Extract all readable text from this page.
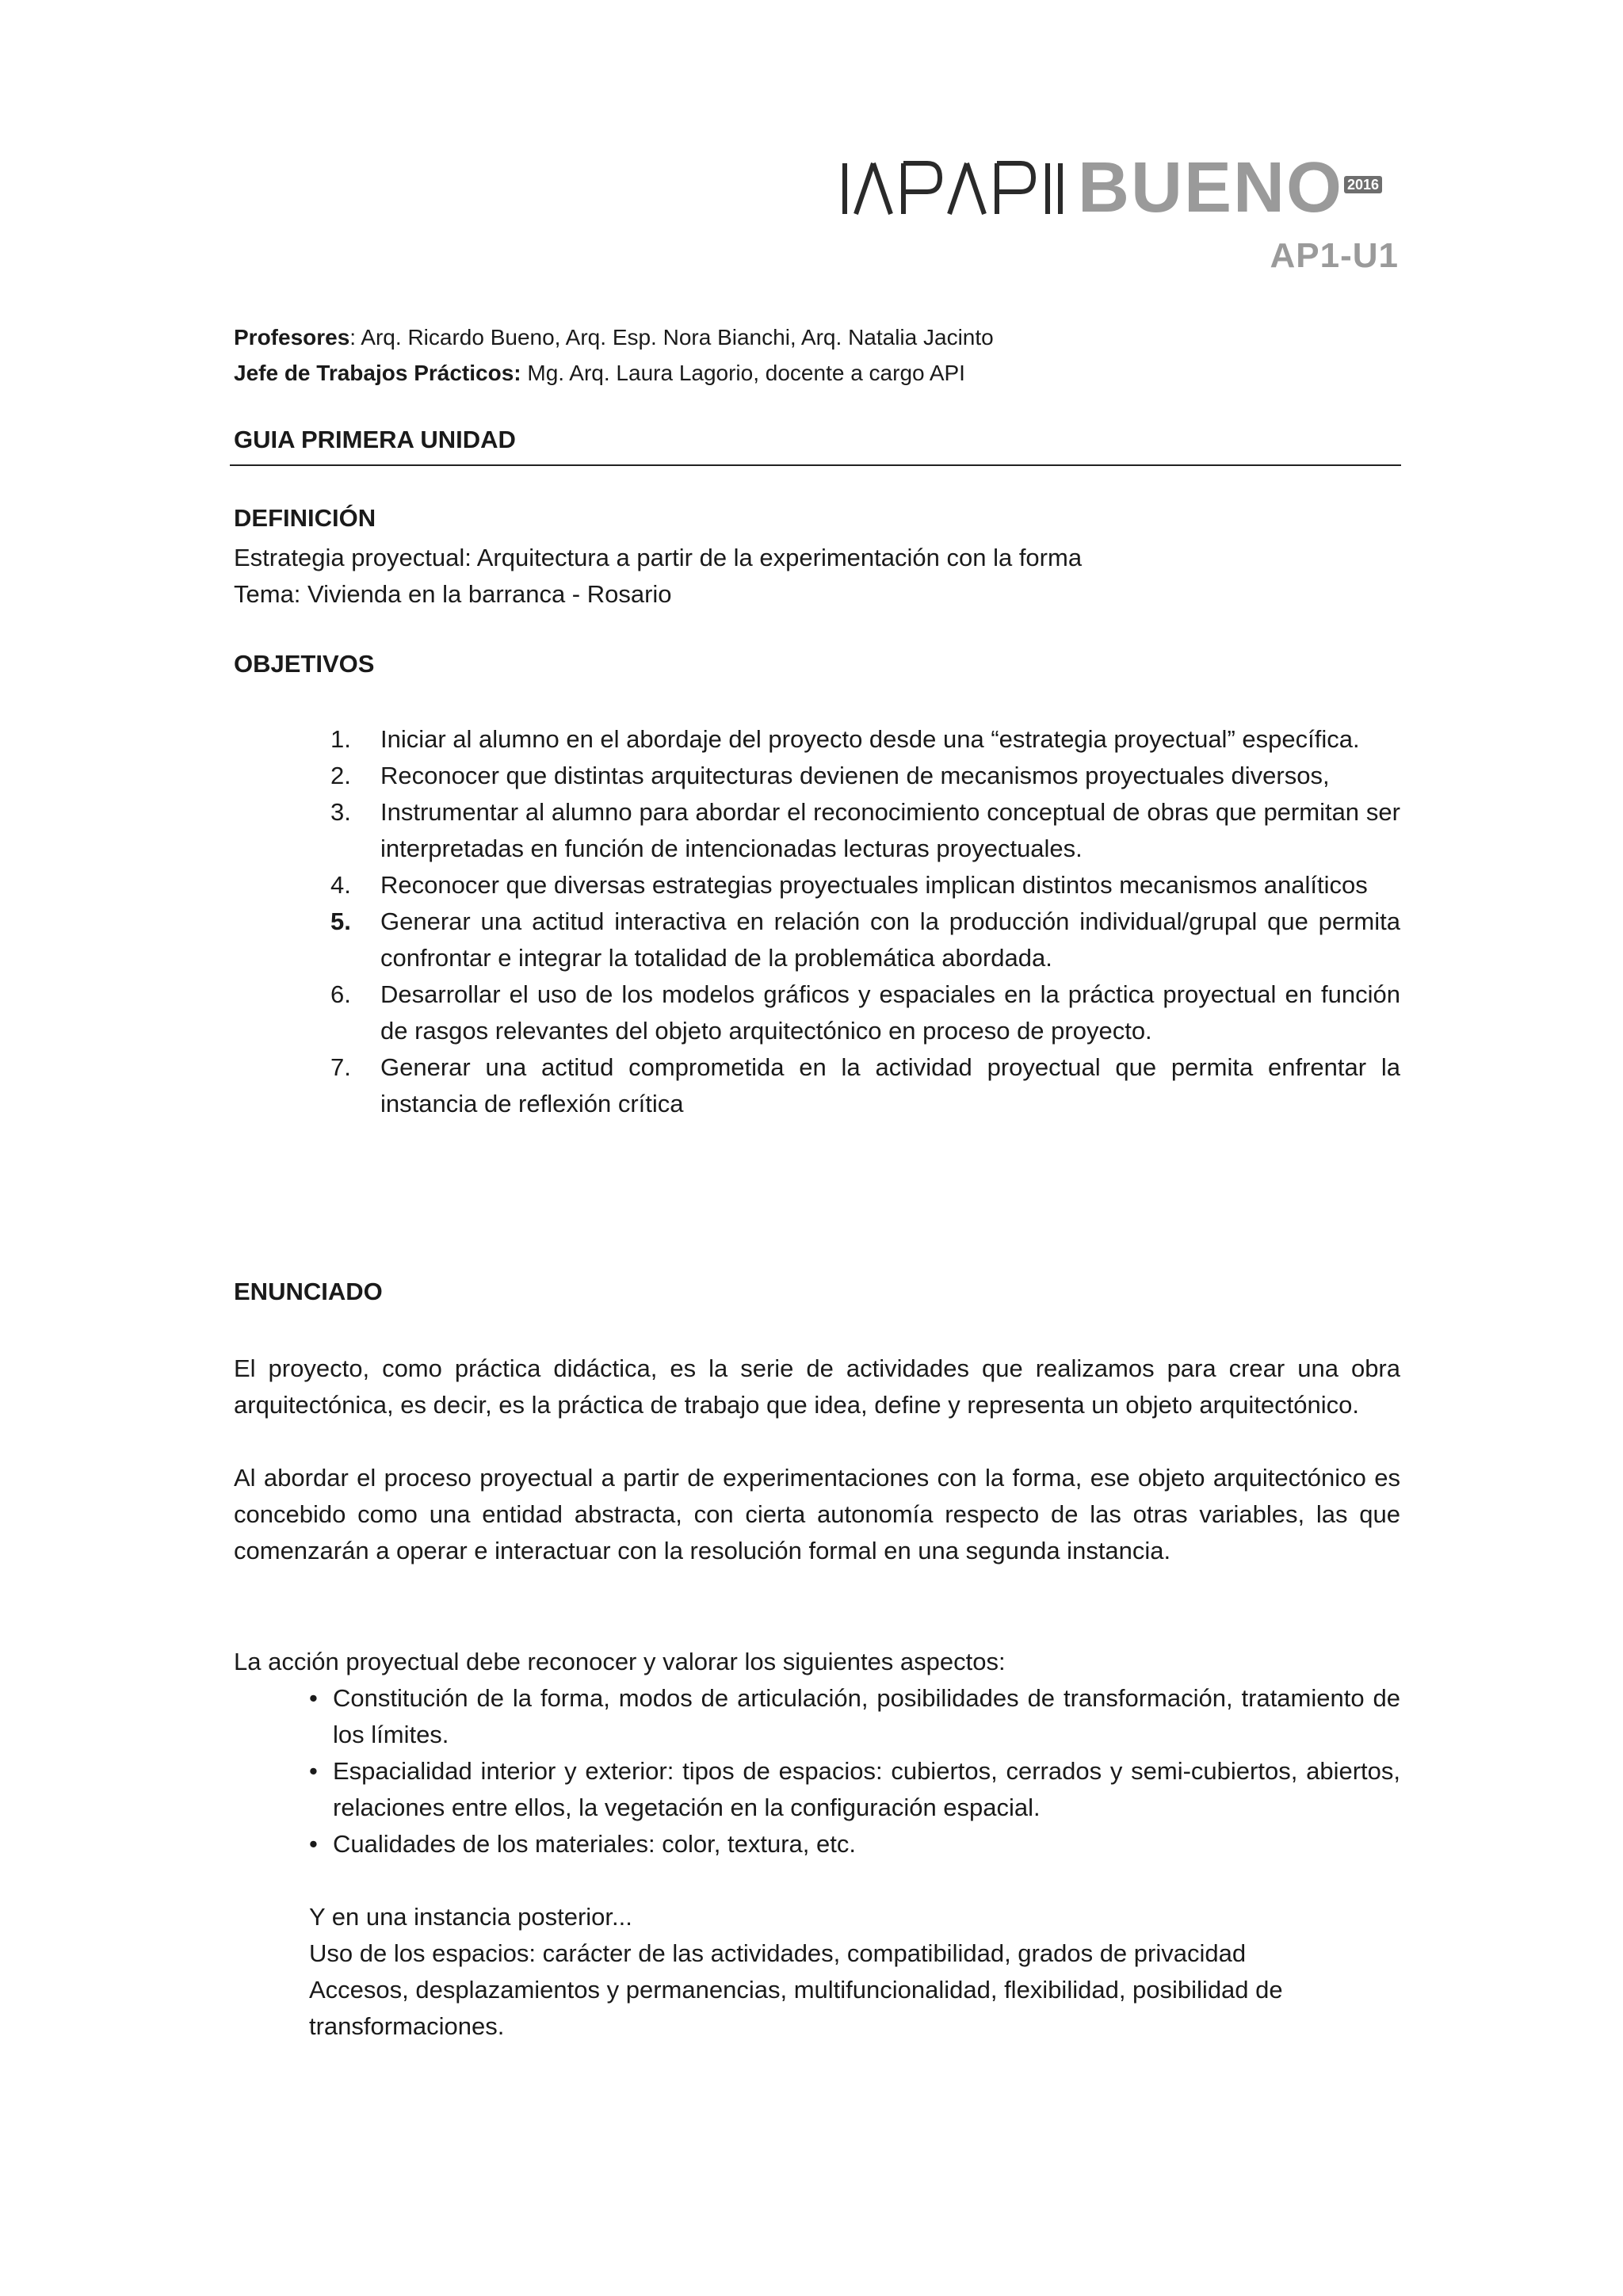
BUENO 2016
AP1-U1
Profesores: Arq. Ricardo Bueno, Arq. Esp. Nora Bianchi, Arq. Natalia Jacinto
Jefe de Trabajos Prácticos: Mg. Arq. Laura Lagorio, docente a cargo API
GUIA PRIMERA UNIDAD
DEFINICIÓN
Estrategia proyectual: Arquitectura a partir de la experimentación con la forma
Tema: Vivienda en la barranca - Rosario
OBJETIVOS
1. Iniciar al alumno en el abordaje del proyecto desde una “estrategia proyectual” específica.
2. Reconocer que distintas arquitecturas devienen de mecanismos proyectuales diversos,
3. Instrumentar al alumno para abordar el reconocimiento conceptual de obras que permitan ser interpretadas en función de intencionadas lecturas proyectuales.
4. Reconocer que diversas estrategias proyectuales implican distintos mecanismos analíticos
5. Generar una actitud interactiva en relación con la producción individual/grupal que permita confrontar e integrar la totalidad de la problemática abordada.
6. Desarrollar el uso de los modelos gráficos y espaciales en la práctica proyectual en función de rasgos relevantes del objeto arquitectónico en proceso de proyecto.
7. Generar una actitud comprometida en la actividad proyectual que permita enfrentar la instancia de reflexión crítica
ENUNCIADO
El proyecto, como práctica didáctica, es la serie de actividades que realizamos para crear una obra arquitectónica, es decir, es la práctica de trabajo que idea, define y representa un objeto arquitectónico.
Al abordar el proceso proyectual a partir de experimentaciones con la forma, ese objeto arquitectónico es concebido como una entidad abstracta, con cierta autonomía respecto de las otras variables, las que comenzarán a operar e interactuar con la resolución formal en una segunda instancia.
La acción proyectual debe reconocer y valorar los siguientes aspectos:
• Constitución de la forma, modos de articulación, posibilidades de transformación, tratamiento de los límites.
• Espacialidad interior y exterior: tipos de espacios: cubiertos, cerrados y semi-cubiertos, abiertos, relaciones entre ellos, la vegetación en la configuración espacial.
• Cualidades de los materiales: color, textura, etc.
Y en una instancia posterior...
Uso de los espacios: carácter de las actividades, compatibilidad, grados de privacidad
Accesos, desplazamientos y permanencias, multifuncionalidad, flexibilidad, posibilidad de transformaciones.
